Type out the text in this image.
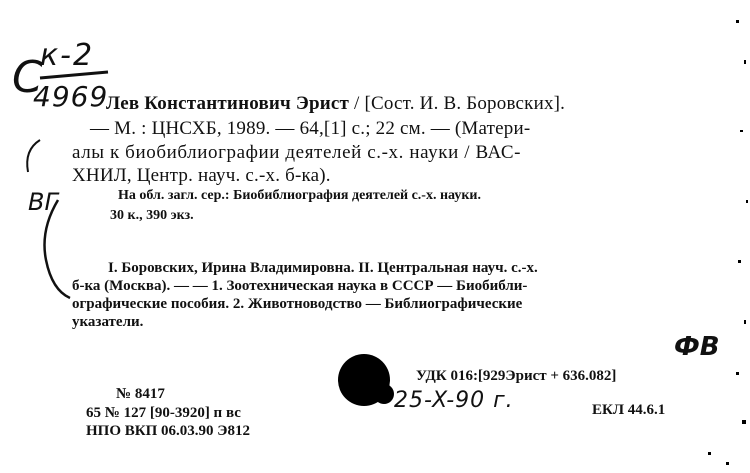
С
к-2
4969
Лев Константинович Эрист / [Сост. И. В. Боровских].
— М. : ЦНСХБ, 1989. — 64,[1] с.; 22 см. — (Матери-
алы к биобиблиографии деятелей с.-х. науки / ВАС-
ХНИЛ, Центр. науч. с.-х. б-ка).
На обл. загл. сер.: Биобиблиография деятелей с.-х. науки.
30 к., 390 экз.
I. Боровских, Ирина Владимировна. II. Центральная науч. с.-х.
б-ка (Москва). — — 1. Зоотехническая наука в СССР — Биобибли-
ографические пособия. 2. Животноводство — Библиографические
указатели.
УДК 016:[929Эрист + 636.082]
ЕКЛ 44.6.1
№ 8417
65 № 127 [90-3920] п вс
НПО ВКП 06.03.90 Э812
ВГ
ФВ
25-X-90 г.
